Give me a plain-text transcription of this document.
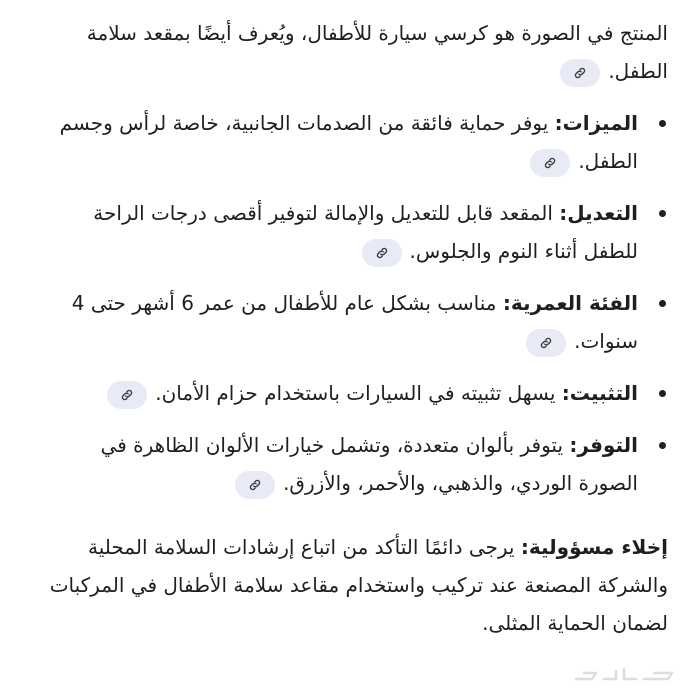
المنتج في الصورة هو كرسي سيارة للأطفال، ويُعرف أيضًا بمقعد سلامة الطفل.

الميزات: يوفر حماية فائقة من الصدمات الجانبية، خاصة لرأس وجسم الطفل.
التعديل: المقعد قابل للتعديل والإمالة لتوفير أقصى درجات الراحة للطفل أثناء النوم والجلوس.
الفئة العمرية: مناسب بشكل عام للأطفال من عمر 6 أشهر حتى 4 سنوات.
التثبيت: يسهل تثبيته في السيارات باستخدام حزام الأمان.
التوفر: يتوفر بألوان متعددة، وتشمل خيارات الألوان الظاهرة في الصورة الوردي، والذهبي، والأحمر، والأزرق.

إخلاء مسؤولية: يرجى دائمًا التأكد من اتباع إرشادات السلامة المحلية والشركة المصنعة عند تركيب واستخدام مقاعد سلامة الأطفال في المركبات لضمان الحماية المثلى.
